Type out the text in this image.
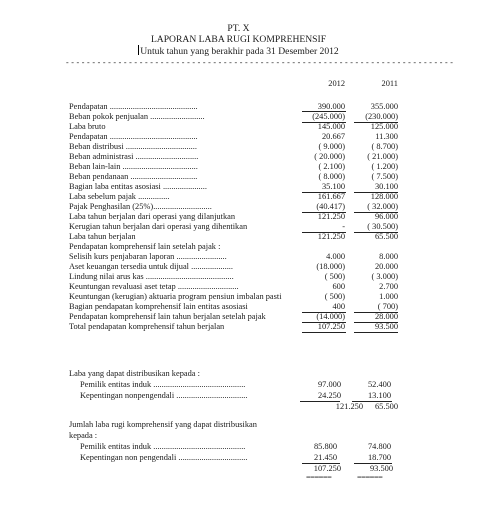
PT. X
LAPORAN LABA RUGI KOMPREHENSIF
Untuk tahun yang berakhir pada 31 Desember 2012
- - - - - - - - - - - - - - - - - - - - - - - - - - - - - - - - - - - - - - - - - - - - - - - - - - - - - - - - - - - - - - - - - - - - - - - - - -
2012	2011
Pendapatan ..........................................	390.000	355.000
Beban pokok penjualan ..........................	(245.000)	(230.000)
Laba bruto	145.000	125.000
Pendapatan ..........................................	20.667	11.300
Beban distribusi ..................................	( 9.000)	( 8.700)
Beban administrasi ..............................	( 20.000)	( 21.000)
Beban lain-lain ....................................	( 2.100)	( 1.200)
Beban pendanaan ................................	( 8.000)	( 7.500)
Bagian laba entitas asosiasi .....................	35.100	30.100
Laba sebelum pajak ...............	161.667	128.000
Pajak Penghasilan (25%)............................	(40.417)	( 32.000)
Laba tahun berjalan dari operasi yang dilanjutkan	121.250	96.000
Kerugian tahun berjalan dari operasi yang dihentikan	-	( 30.500)
Laba tahun berjalan	121.250	65.500
Pendapatan komprehensif lain setelah pajak :
Selisih kurs penjabaran laporan ........................	4.000	8.000
Aset keuangan tersedia untuk dijual ....................	(18.000)	20.000
Lindung nilai arus kas ..........................................	( 500)	( 3.000)
Keuntungan revaluasi aset tetap .............................	600	2.700
Keuntungan (kerugian) aktuaria program pensiun imbalan pasti	( 500)	1.000
Bagian pendapatan komprehensif lain entitas asosiasi	400	( 700)
Pendapatan komprehensif lain tahun berjalan setelah pajak	(14.000)	28.000
Total pendapatan komprehensif tahun berjalan	107.250	93.500
Laba yang dapat distribusikan kepada :
Pemilik entitas induk ............................................	97.000	52.400
Kepentingan nonpengendali ..................................	24.250	13.100
121.250	65.500
Jumlah laba rugi komprehensif yang dapat distribusikan
kepada :
Pemilik entitas induk ............................................	85.800	74.800
Kepentingan non pengendali .................................	21.450	18.700
107.250	93.500
======	======
